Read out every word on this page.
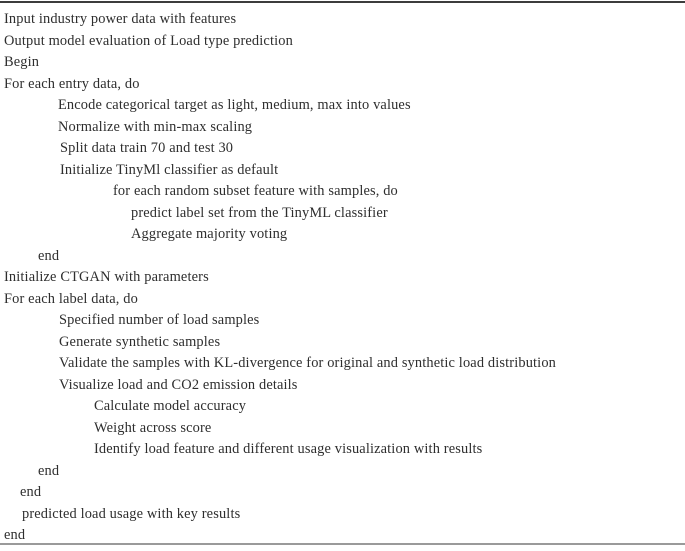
Input industry power data with features
Output model evaluation of Load type prediction
Begin
For each entry data, do
Encode categorical target as light, medium, max into values
Normalize with min-max scaling
Split data train 70 and test 30
Initialize TinyMl classifier as default
for each random subset feature with samples, do
predict label set from the TinyML classifier
Aggregate majority voting
end
Initialize CTGAN with parameters
For each label data, do
Specified number of load samples
Generate synthetic samples
Validate the samples with KL-divergence for original and synthetic load distribution
Visualize load and CO2 emission details
Calculate model accuracy
Weight across score
Identify load feature and different usage visualization with results
end
end
predicted load usage with key results
end
